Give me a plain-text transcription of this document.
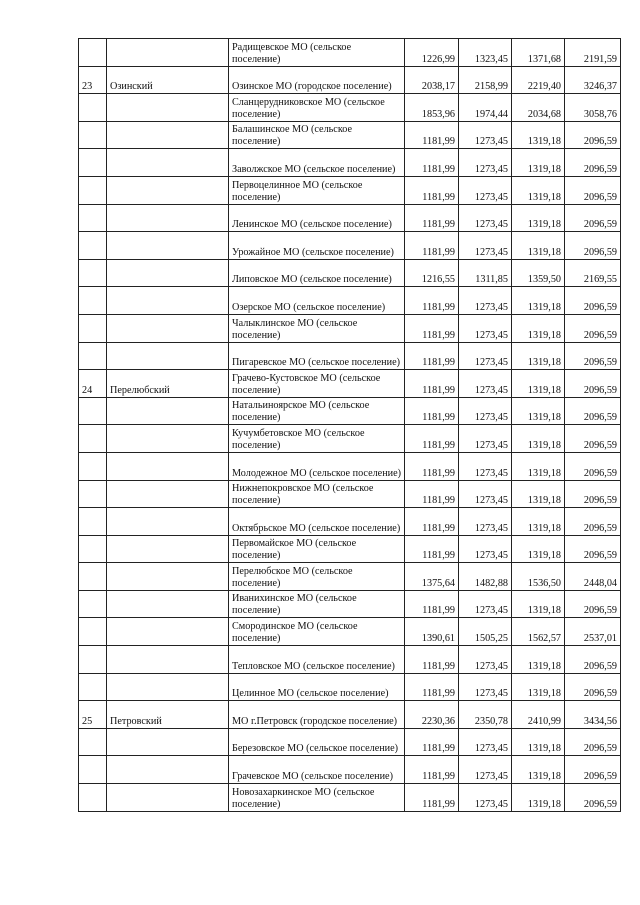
		Радищевское МО (сельское поселение)	1226,99	1323,45	1371,68	2191,59
23	Озинский	Озинское МО (городское поселение)	2038,17	2158,99	2219,40	3246,37
		Сланцерудниковское МО (сельское поселение)	1853,96	1974,44	2034,68	3058,76
		Балашинское МО (сельское поселение)	1181,99	1273,45	1319,18	2096,59
		Заволжское МО (сельское поселение)	1181,99	1273,45	1319,18	2096,59
		Первоцелинное МО (сельское поселение)	1181,99	1273,45	1319,18	2096,59
		Ленинское МО (сельское поселение)	1181,99	1273,45	1319,18	2096,59
		Урожайное МО (сельское поселение)	1181,99	1273,45	1319,18	2096,59
		Липовское МО (сельское поселение)	1216,55	1311,85	1359,50	2169,55
		Озерское МО (сельское поселение)	1181,99	1273,45	1319,18	2096,59
		Чалыклинское МО (сельское поселение)	1181,99	1273,45	1319,18	2096,59
		Пигаревское МО (сельское поселение)	1181,99	1273,45	1319,18	2096,59
24	Перелюбский	Грачево-Кустовское МО (сельское поселение)	1181,99	1273,45	1319,18	2096,59
		Натальиноярское МО (сельское поселение)	1181,99	1273,45	1319,18	2096,59
		Кучумбетовское МО (сельское поселение)	1181,99	1273,45	1319,18	2096,59
		Молодежное МО (сельское поселение)	1181,99	1273,45	1319,18	2096,59
		Нижнепокровское МО (сельское поселение)	1181,99	1273,45	1319,18	2096,59
		Октябрьское МО (сельское поселение)	1181,99	1273,45	1319,18	2096,59
		Первомайское МО (сельское поселение)	1181,99	1273,45	1319,18	2096,59
		Перелюбское МО (сельское поселение)	1375,64	1482,88	1536,50	2448,04
		Иванихинское МО (сельское поселение)	1181,99	1273,45	1319,18	2096,59
		Смородинское МО (сельское поселение)	1390,61	1505,25	1562,57	2537,01
		Тепловское МО (сельское поселение)	1181,99	1273,45	1319,18	2096,59
		Целинное МО (сельское поселение)	1181,99	1273,45	1319,18	2096,59
25	Петровский	МО г.Петровск (городское поселение)	2230,36	2350,78	2410,99	3434,56
		Березовское МО (сельское поселение)	1181,99	1273,45	1319,18	2096,59
		Грачевское МО (сельское поселение)	1181,99	1273,45	1319,18	2096,59
		Новозахаркинское МО (сельское поселение)	1181,99	1273,45	1319,18	2096,59
